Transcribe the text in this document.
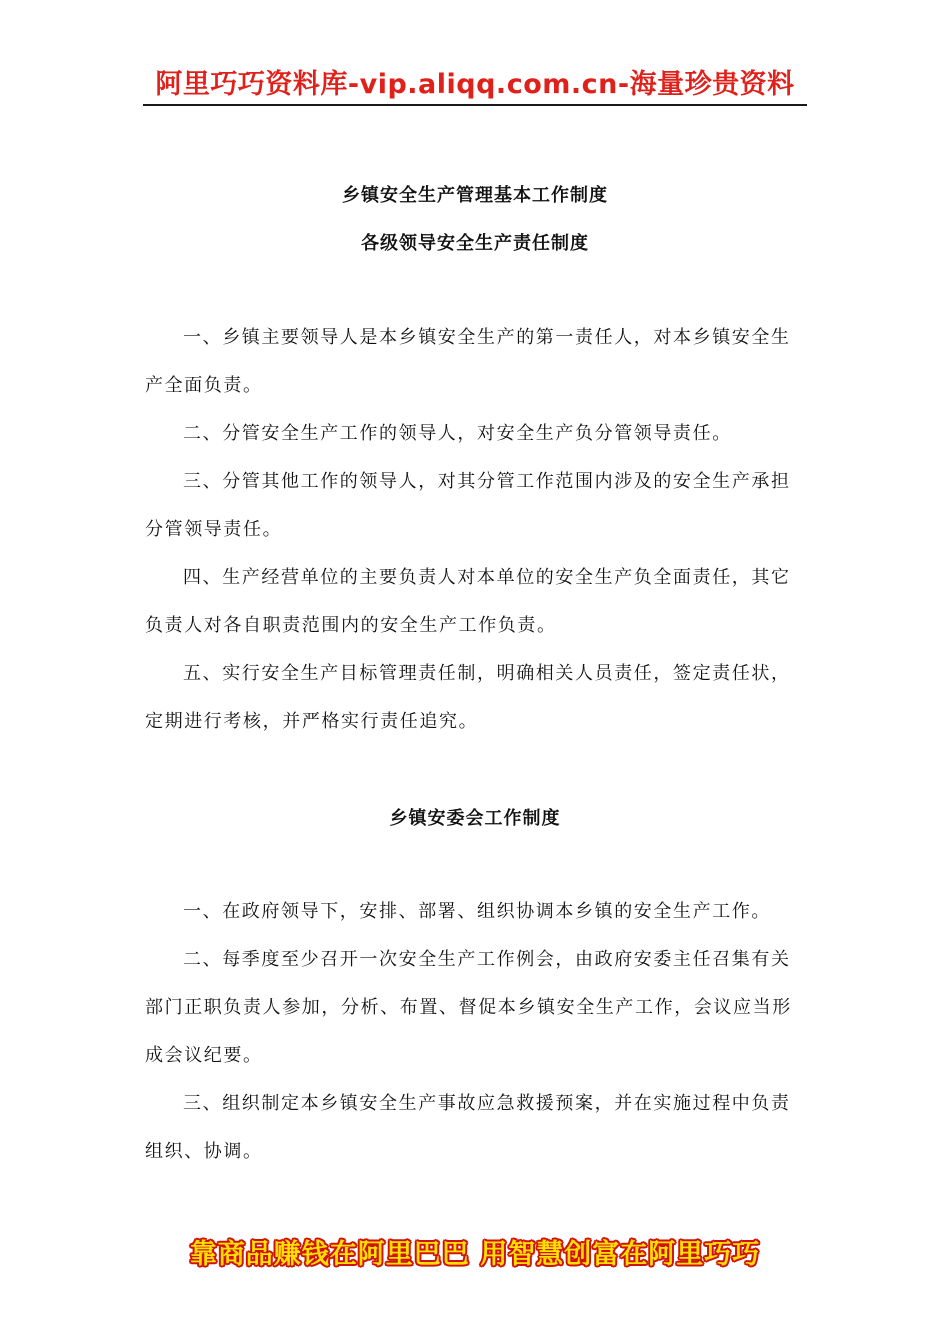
阿里巧巧资料库-vip.aliqq.com.cn-海量珍贵资料
乡镇安全生产管理基本工作制度
各级领导安全生产责任制度
一、乡镇主要领导人是本乡镇安全生产的第一责任人，对本乡镇安全生产全面负责。
二、分管安全生产工作的领导人，对安全生产负分管领导责任。
三、分管其他工作的领导人，对其分管工作范围内涉及的安全生产承担分管领导责任。
四、生产经营单位的主要负责人对本单位的安全生产负全面责任，其它负责人对各自职责范围内的安全生产工作负责。
五、实行安全生产目标管理责任制，明确相关人员责任，签定责任状，定期进行考核，并严格实行责任追究。
乡镇安委会工作制度
一、在政府领导下，安排、部署、组织协调本乡镇的安全生产工作。
二、每季度至少召开一次安全生产工作例会，由政府安委主任召集有关部门正职负责人参加，分析、布置、督促本乡镇安全生产工作，会议应当形成会议纪要。
三、组织制定本乡镇安全生产事故应急救援预案，并在实施过程中负责组织、协调。
靠商品赚钱在阿里巴巴 用智慧创富在阿里巧巧
